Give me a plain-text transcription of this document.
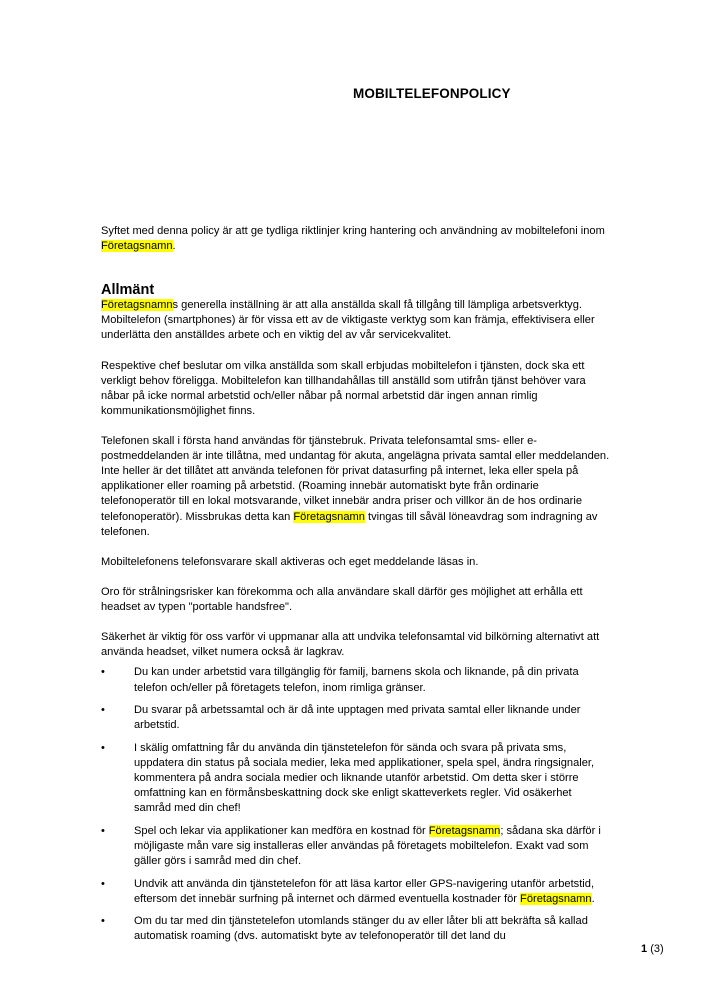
MOBILTELEFONPOLICY

Syftet med denna policy är att ge tydliga riktlinjer kring hantering och användning av mobiltelefoni inom Företagsnamn.

Allmänt

Företagsnamns generella inställning är att alla anställda skall få tillgång till lämpliga arbetsverktyg. Mobiltelefon (smartphones) är för vissa ett av de viktigaste verktyg som kan främja, effektivisera eller underlätta den anställdes arbete och en viktig del av vår servicekvalitet.

Respektive chef beslutar om vilka anställda som skall erbjudas mobiltelefon i tjänsten, dock ska ett verkligt behov föreligga. Mobiltelefon kan tillhandahållas till anställd som utifrån tjänst behöver vara nåbar på icke normal arbetstid och/eller nåbar på normal arbetstid där ingen annan rimlig kommunikationsmöjlighet finns.

Telefonen skall i första hand användas för tjänstebruk. Privata telefonsamtal sms- eller e-postmeddelanden är inte tillåtna, med undantag för akuta, angelägna privata samtal eller meddelanden. Inte heller är det tillåtet att använda telefonen för privat datasurfing på internet, leka eller spela på applikationer eller roaming på arbetstid. (Roaming innebär automatiskt byte från ordinarie telefonoperatör till en lokal motsvarande, vilket innebär andra priser och villkor än de hos ordinarie telefonoperatör). Missbrukas detta kan Företagsnamn tvingas till såväl löneavdrag som indragning av telefonen.

Mobiltelefonens telefonsvarare skall aktiveras och eget meddelande läsas in.

Oro för strålningsrisker kan förekomma och alla användare skall därför ges möjlighet att erhålla ett headset av typen "portable handsfree".

Säkerhet är viktig för oss varför vi uppmanar alla att undvika telefonsamtal vid bilkörning alternativt att använda headset, vilket numera också är lagkrav.

•	Du kan under arbetstid vara tillgänglig för familj, barnens skola och liknande, på din privata telefon och/eller på företagets telefon, inom rimliga gränser.
•	Du svarar på arbetssamtal och är då inte upptagen med privata samtal eller liknande under arbetstid.
•	I skälig omfattning får du använda din tjänstetelefon för sända och svara på privata sms, uppdatera din status på sociala medier, leka med applikationer, spela spel, ändra ringsignaler, kommentera på andra sociala medier och liknande utanför arbetstid. Om detta sker i större omfattning kan en förmånsbeskattning dock ske enligt skatteverkets regler. Vid osäkerhet samråd med din chef!
•	Spel och lekar via applikationer kan medföra en kostnad för Företagsnamn; sådana ska därför i möjligaste mån vare sig installeras eller användas på företagets mobiltelefon. Exakt vad som gäller görs i samråd med din chef.
•	Undvik att använda din tjänstetelefon för att läsa kartor eller GPS-navigering utanför arbetstid, eftersom det innebär surfning på internet och därmed eventuella kostnader för Företagsnamn.
•	Om du tar med din tjänstetelefon utomlands stänger du av eller låter bli att bekräfta så kallad automatisk roaming (dvs. automatiskt byte av telefonoperatör till det land du
1 (3)
